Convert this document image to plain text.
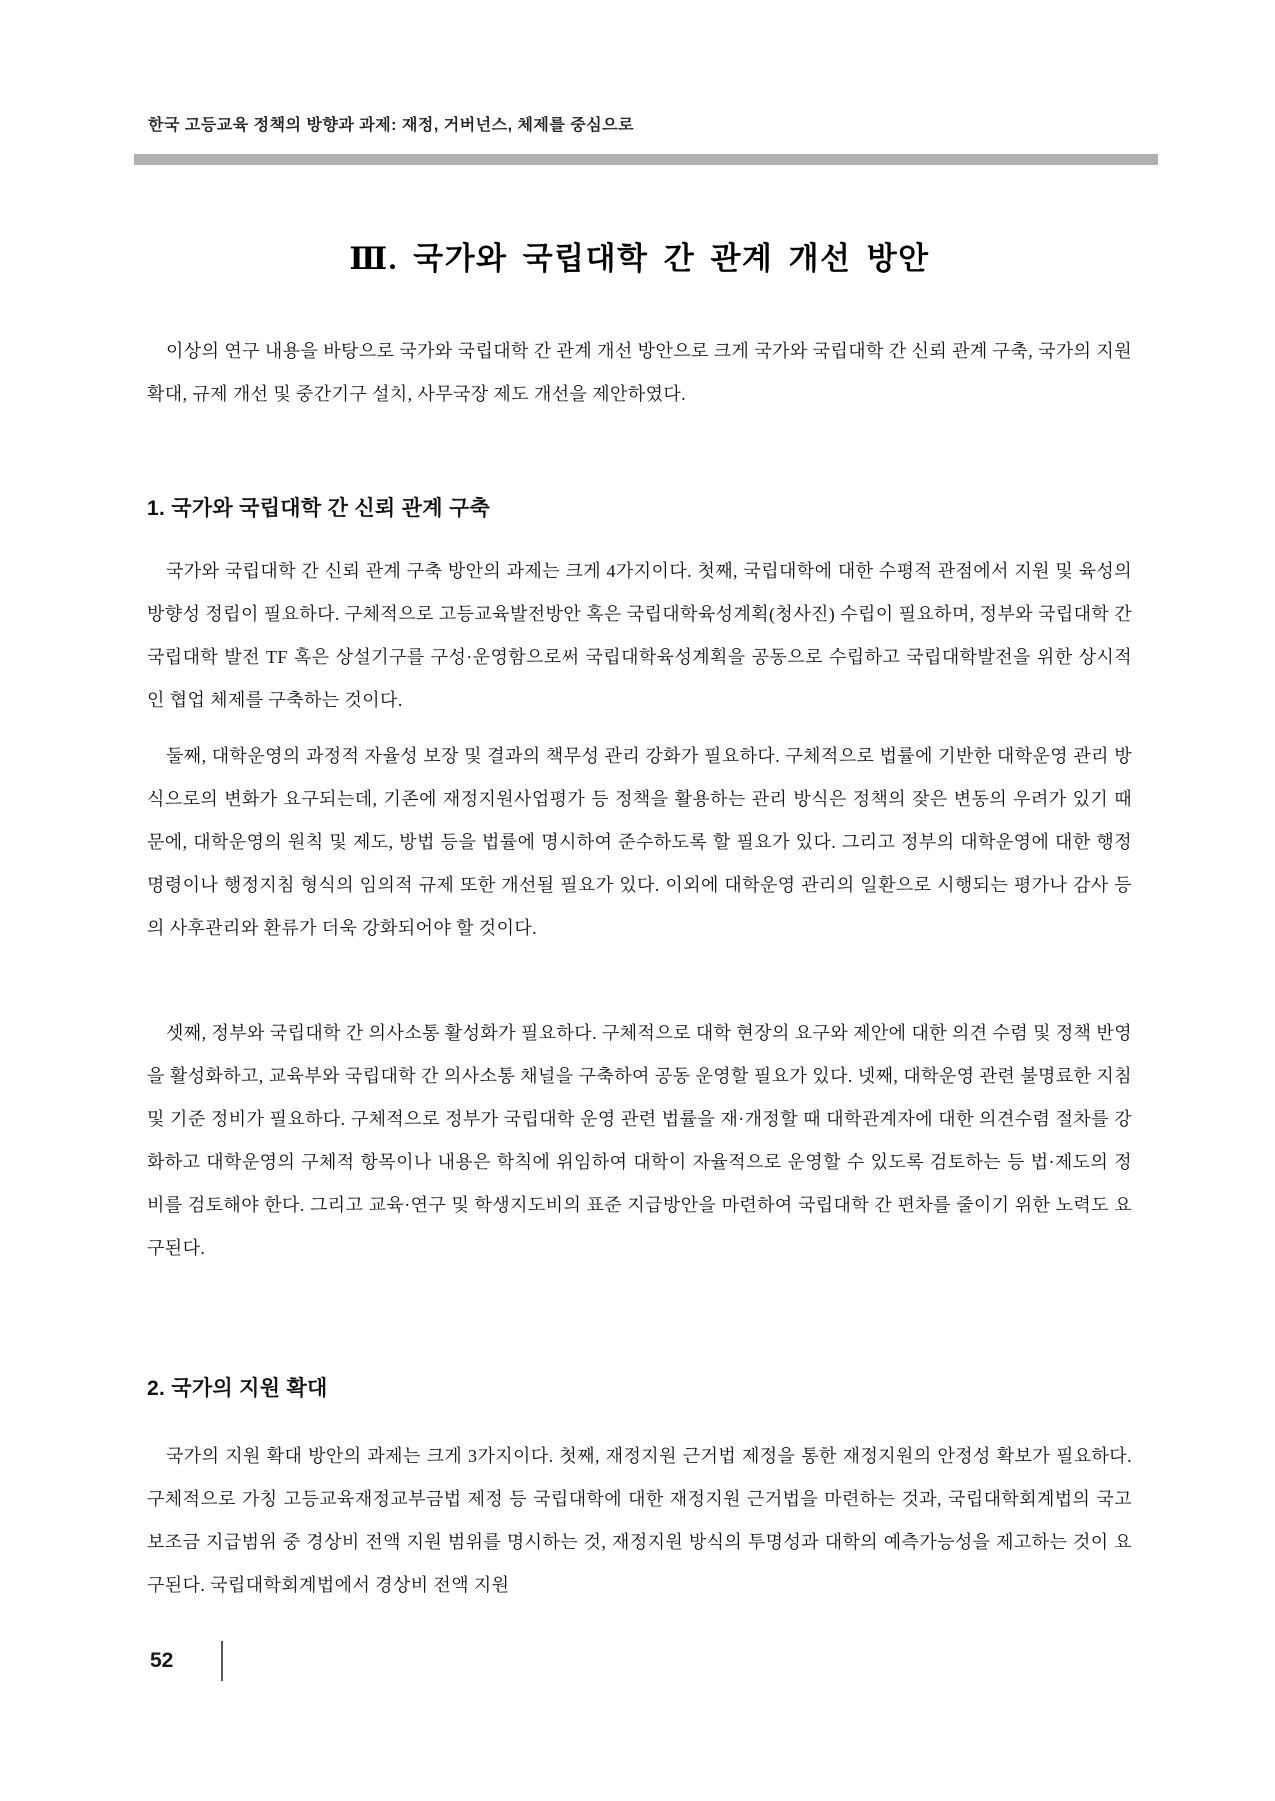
한국 고등교육 정책의 방향과 과제: 재정, 거버넌스, 체제를 중심으로
Ⅲ. 국가와 국립대학 간 관계 개선 방안

이상의 연구 내용을 바탕으로 국가와 국립대학 간 관계 개선 방안으로 크게 국가와 국립대학 간 신뢰 관계 구축, 국가의 지원 확대, 규제 개선 및 중간기구 설치, 사무국장 제도 개선을 제안하였다.

1. 국가와 국립대학 간 신뢰 관계 구축

국가와 국립대학 간 신뢰 관계 구축 방안의 과제는 크게 4가지이다. 첫째, 국립대학에 대한 수평적 관점에서 지원 및 육성의 방향성 정립이 필요하다. 구체적으로 고등교육발전방안 혹은 국립대학육성계획(청사진) 수립이 필요하며, 정부와 국립대학 간 국립대학 발전 TF 혹은 상설기구를 구성·운영함으로써 국립대학육성계획을 공동으로 수립하고 국립대학발전을 위한 상시적인 협업 체제를 구축하는 것이다.

둘째, 대학운영의 과정적 자율성 보장 및 결과의 책무성 관리 강화가 필요하다. 구체적으로 법률에 기반한 대학운영 관리 방식으로의 변화가 요구되는데, 기존에 재정지원사업평가 등 정책을 활용하는 관리 방식은 정책의 잦은 변동의 우려가 있기 때문에, 대학운영의 원칙 및 제도, 방법 등을 법률에 명시하여 준수하도록 할 필요가 있다. 그리고 정부의 대학운영에 대한 행정명령이나 행정지침 형식의 임의적 규제 또한 개선될 필요가 있다. 이외에 대학운영 관리의 일환으로 시행되는 평가나 감사 등의 사후관리와 환류가 더욱 강화되어야 할 것이다.

셋째, 정부와 국립대학 간 의사소통 활성화가 필요하다. 구체적으로 대학 현장의 요구와 제안에 대한 의견 수렴 및 정책 반영을 활성화하고, 교육부와 국립대학 간 의사소통 채널을 구축하여 공동 운영할 필요가 있다. 넷째, 대학운영 관련 불명료한 지침 및 기준 정비가 필요하다. 구체적으로 정부가 국립대학 운영 관련 법률을 재·개정할 때 대학관계자에 대한 의견수렴 절차를 강화하고 대학운영의 구체적 항목이나 내용은 학칙에 위임하여 대학이 자율적으로 운영할 수 있도록 검토하는 등 법·제도의 정비를 검토해야 한다. 그리고 교육·연구 및 학생지도비의 표준 지급방안을 마련하여 국립대학 간 편차를 줄이기 위한 노력도 요구된다.

2. 국가의 지원 확대

국가의 지원 확대 방안의 과제는 크게 3가지이다. 첫째, 재정지원 근거법 제정을 통한 재정지원의 안정성 확보가 필요하다. 구체적으로 가칭 고등교육재정교부금법 제정 등 국립대학에 대한 재정지원 근거법을 마련하는 것과, 국립대학회계법의 국고보조금 지급범위 중 경상비 전액 지원 범위를 명시하는 것, 재정지원 방식의 투명성과 대학의 예측가능성을 제고하는 것이 요구된다. 국립대학회계법에서 경상비 전액 지원

52
